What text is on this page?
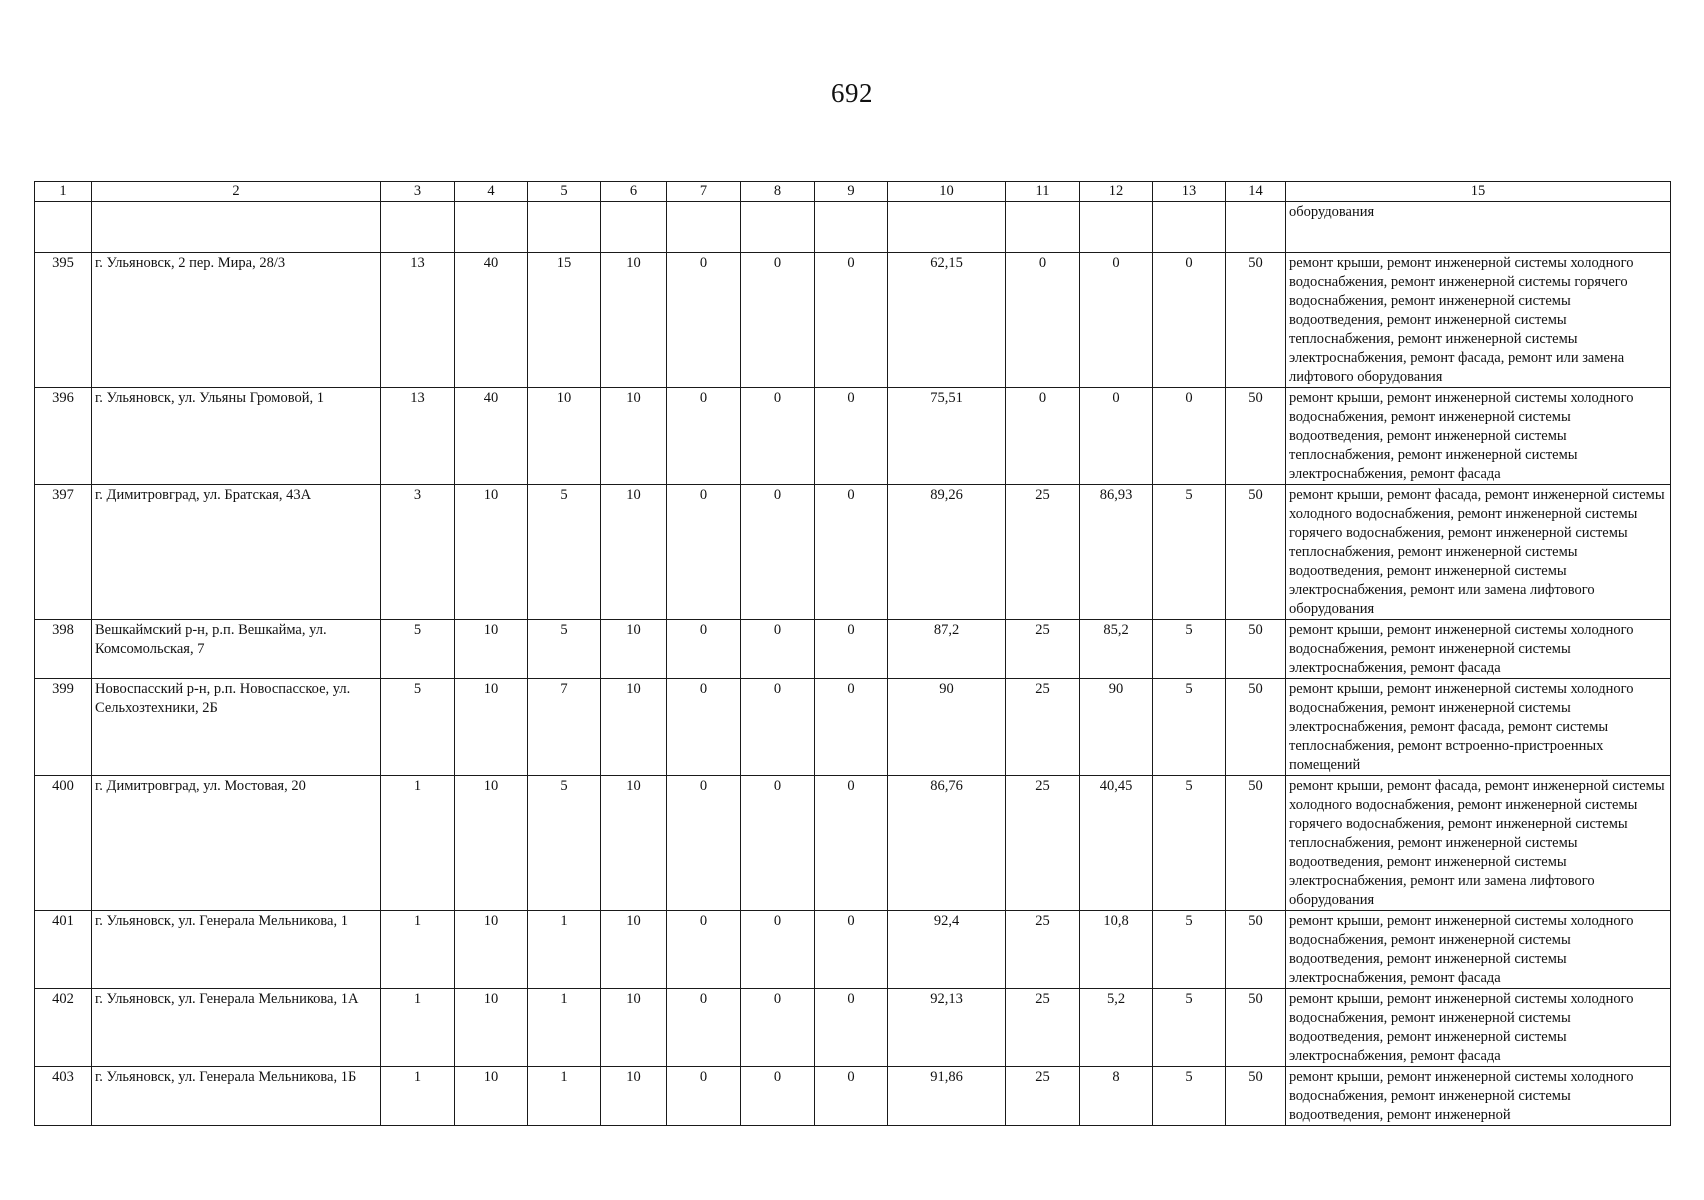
692
1	2	3	4	5	6	7	8	9	10	11	12	13	14	15
														оборудования
395	г. Ульяновск, 2 пер. Мира, 28/3	13	40	15	10	0	0	0	62,15	0	0	0	50	ремонт крыши, ремонт инженерной системы холодного водоснабжения, ремонт инженерной системы горячего водоснабжения, ремонт инженерной системы водоотведения, ремонт инженерной системы теплоснабжения, ремонт инженерной системы электроснабжения, ремонт фасада, ремонт или замена лифтового оборудования
396	г. Ульяновск, ул. Ульяны Громовой, 1	13	40	10	10	0	0	0	75,51	0	0	0	50	ремонт крыши, ремонт инженерной системы холодного водоснабжения, ремонт инженерной системы водоотведения, ремонт инженерной системы теплоснабжения, ремонт инженерной системы электроснабжения, ремонт фасада
397	г. Димитровград, ул. Братская, 43А	3	10	5	10	0	0	0	89,26	25	86,93	5	50	ремонт крыши, ремонт фасада, ремонт инженерной системы холодного водоснабжения, ремонт инженерной системы горячего водоснабжения, ремонт инженерной системы теплоснабжения, ремонт инженерной системы водоотведения, ремонт инженерной системы электроснабжения, ремонт или замена лифтового оборудования
398	Вешкаймский р-н, р.п. Вешкайма, ул. Комсомольская, 7	5	10	5	10	0	0	0	87,2	25	85,2	5	50	ремонт крыши, ремонт инженерной системы холодного водоснабжения, ремонт инженерной системы электроснабжения, ремонт фасада
399	Новоспасский р-н, р.п. Новоспасское, ул. Сельхозтехники, 2Б	5	10	7	10	0	0	0	90	25	90	5	50	ремонт крыши, ремонт инженерной системы холодного водоснабжения, ремонт инженерной системы электроснабжения, ремонт фасада, ремонт системы теплоснабжения, ремонт встроенно-пристроенных помещений
400	г. Димитровград, ул. Мостовая, 20	1	10	5	10	0	0	0	86,76	25	40,45	5	50	ремонт крыши, ремонт фасада, ремонт инженерной системы холодного водоснабжения, ремонт инженерной системы горячего водоснабжения, ремонт инженерной системы теплоснабжения, ремонт инженерной системы водоотведения, ремонт инженерной системы электроснабжения, ремонт или замена лифтового оборудования
401	г. Ульяновск, ул. Генерала Мельникова, 1	1	10	1	10	0	0	0	92,4	25	10,8	5	50	ремонт крыши, ремонт инженерной системы холодного водоснабжения, ремонт инженерной системы водоотведения, ремонт инженерной системы электроснабжения, ремонт фасада
402	г. Ульяновск, ул. Генерала Мельникова, 1А	1	10	1	10	0	0	0	92,13	25	5,2	5	50	ремонт крыши, ремонт инженерной системы холодного водоснабжения, ремонт инженерной системы водоотведения, ремонт инженерной системы электроснабжения, ремонт фасада
403	г. Ульяновск, ул. Генерала Мельникова, 1Б	1	10	1	10	0	0	0	91,86	25	8	5	50	ремонт крыши, ремонт инженерной системы холодного водоснабжения, ремонт инженерной системы водоотведения, ремонт инженерной
